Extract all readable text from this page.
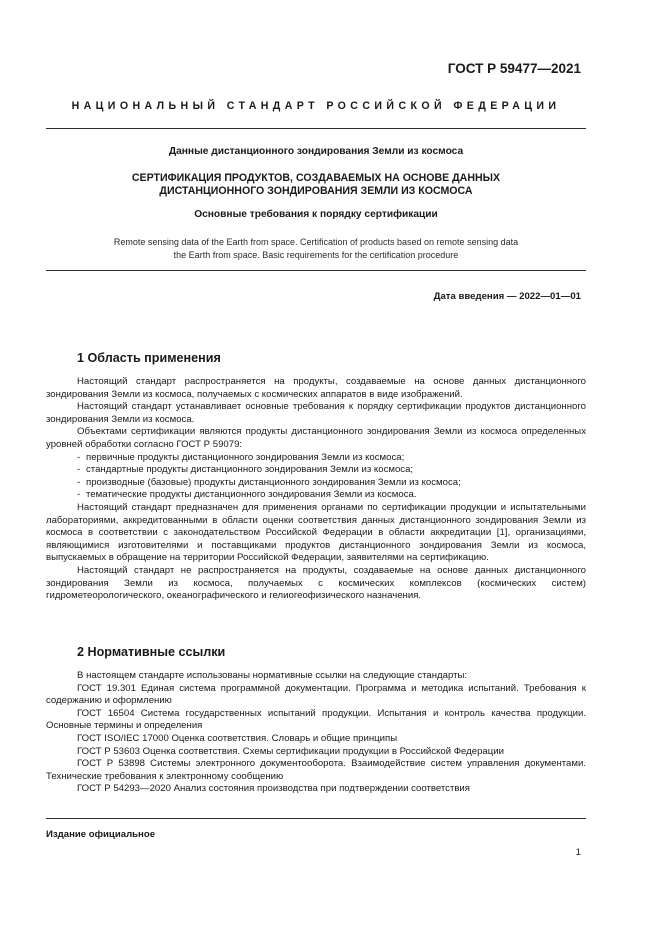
ГОСТ Р 59477—2021
НАЦИОНАЛЬНЫЙ СТАНДАРТ РОССИЙСКОЙ ФЕДЕРАЦИИ
Данные дистанционного зондирования Земли из космоса
СЕРТИФИКАЦИЯ ПРОДУКТОВ, СОЗДАВАЕМЫХ НА ОСНОВЕ ДАННЫХ
ДИСТАНЦИОННОГО ЗОНДИРОВАНИЯ ЗЕМЛИ ИЗ КОСМОСА
Основные требования к порядку сертификации
Remote sensing data of the Earth from space. Certification of products based on remote sensing data
the Earth from space. Basic requirements for the certification procedure
Дата введения — 2022—01—01
1 Область применения

Настоящий стандарт распространяется на продукты, создаваемые на основе данных дистанционного зондирования Земли из космоса, получаемых с космических аппаратов в виде изображений.

Настоящий стандарт устанавливает основные требования к порядку сертификации продуктов дистанционного зондирования Земли из космоса.

Объектами сертификации являются продукты дистанционного зондирования Земли из космоса определенных уровней обработки согласно ГОСТ Р 59079:

- первичные продукты дистанционного зондирования Земли из космоса;
- стандартные продукты дистанционного зондирования Земли из космоса;
- производные (базовые) продукты дистанционного зондирования Земли из космоса;
- тематические продукты дистанционного зондирования Земли из космоса.

Настоящий стандарт предназначен для применения органами по сертификации продукции и испытательными лабораториями, аккредитованными в области оценки соответствия данных дистанционного зондирования Земли из космоса в соответствии с законодательством Российской Федерации в области аккредитации [1], организациями, являющимися изготовителями и поставщиками продуктов дистанционного зондирования Земли из космоса, выпускаемых в обращение на территории Российской Федерации, заявителями на сертификацию.

Настоящий стандарт не распространяется на продукты, создаваемые на основе данных дистанционного зондирования Земли из космоса, получаемых с космических комплексов (космических систем) гидрометеорологического, океанографического и гелиогеофизического назначения.

2 Нормативные ссылки

В настоящем стандарте использованы нормативные ссылки на следующие стандарты:

ГОСТ 19.301 Единая система программной документации. Программа и методика испытаний. Требования к содержанию и оформлению

ГОСТ 16504 Система государственных испытаний продукции. Испытания и контроль качества продукции. Основные термины и определения

ГОСТ ISO/IEC 17000 Оценка соответствия. Словарь и общие принципы

ГОСТ Р 53603 Оценка соответствия. Схемы сертификации продукции в Российской Федерации

ГОСТ Р 53898 Системы электронного документооборота. Взаимодействие систем управления документами. Технические требования к электронному сообщению

ГОСТ Р 54293—2020 Анализ состояния производства при подтверждении соответствия

Издание официальное
1
